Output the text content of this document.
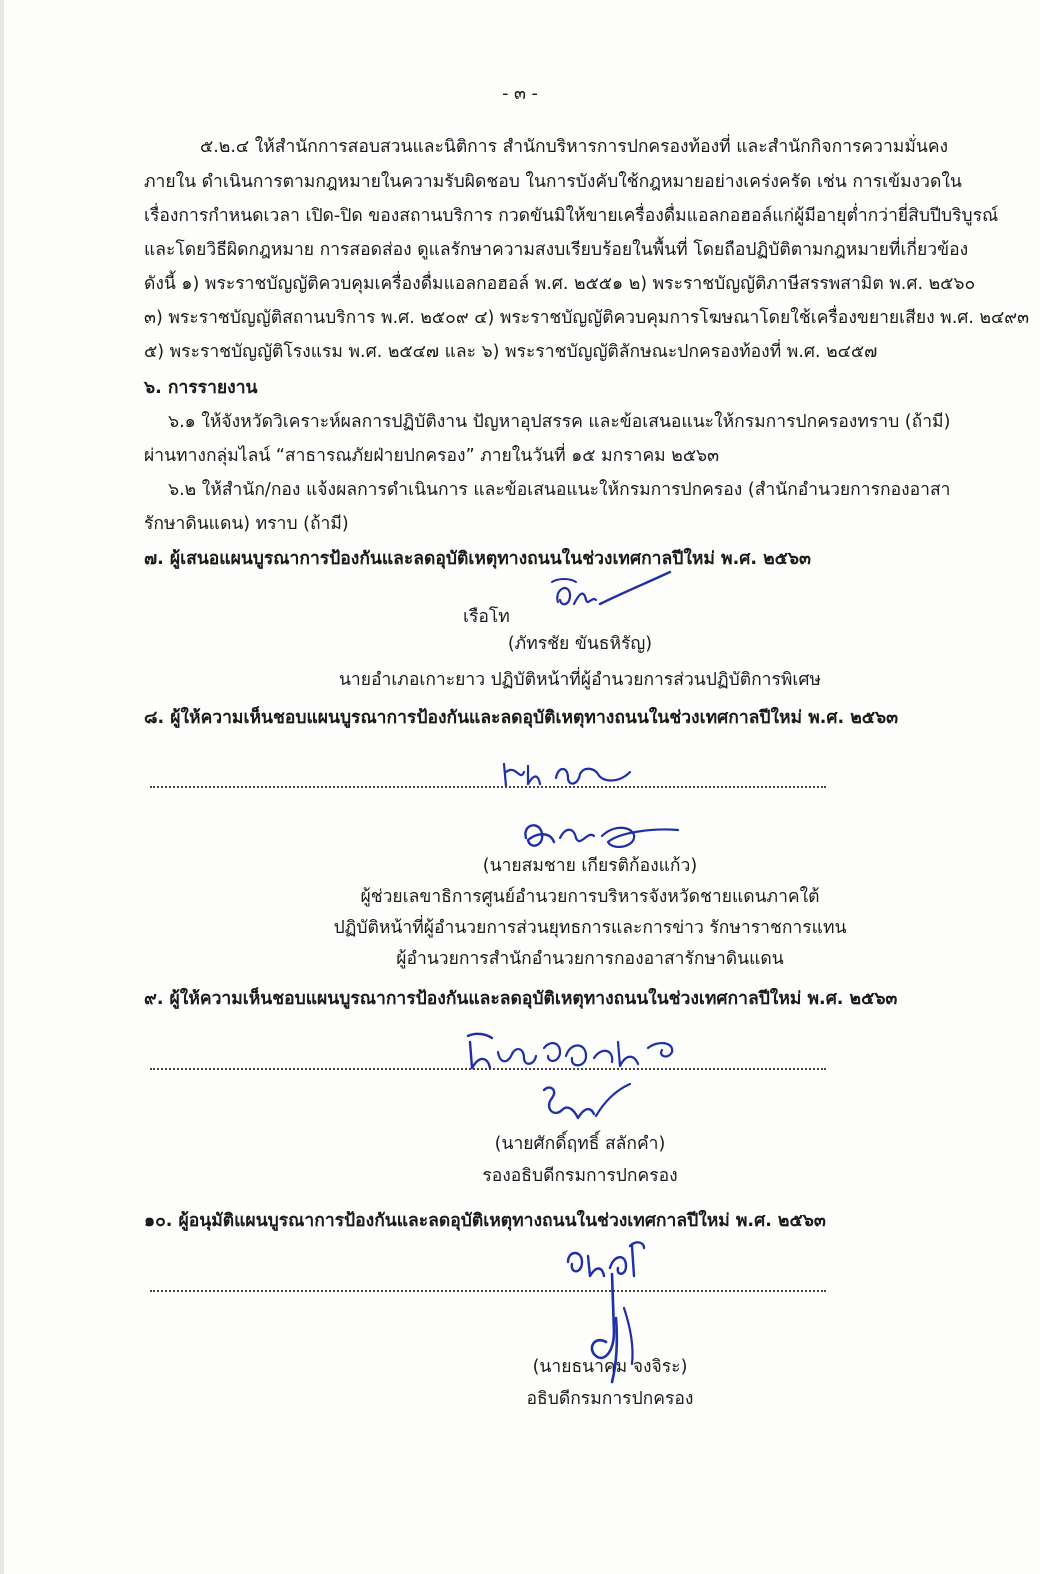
- ๓ -
๕.๒.๔ ให้สำนักการสอบสวนและนิติการ สำนักบริหารการปกครองท้องที่ และสำนักกิจการความมั่นคง
ภายใน ดำเนินการตามกฎหมายในความรับผิดชอบ ในการบังคับใช้กฎหมายอย่างเคร่งครัด เช่น การเข้มงวดใน
เรื่องการกำหนดเวลา เปิด-ปิด ของสถานบริการ กวดขันมิให้ขายเครื่องดื่มแอลกอฮอล์แก่ผู้มีอายุต่ำกว่ายี่สิบปีบริบูรณ์
และโดยวิธีผิดกฎหมาย การสอดส่อง ดูแลรักษาความสงบเรียบร้อยในพื้นที่ โดยถือปฏิบัติตามกฎหมายที่เกี่ยวข้อง
ดังนี้ ๑) พระราชบัญญัติควบคุมเครื่องดื่มแอลกอฮอล์ พ.ศ. ๒๕๕๑ ๒) พระราชบัญญัติภาษีสรรพสามิต พ.ศ. ๒๕๖๐
๓) พระราชบัญญัติสถานบริการ พ.ศ. ๒๕๐๙ ๔) พระราชบัญญัติควบคุมการโฆษณาโดยใช้เครื่องขยายเสียง พ.ศ. ๒๔๙๓
๕) พระราชบัญญัติโรงแรม พ.ศ. ๒๕๔๗ และ ๖) พระราชบัญญัติลักษณะปกครองท้องที่ พ.ศ. ๒๔๕๗
๖. การรายงาน
๖.๑ ให้จังหวัดวิเคราะห์ผลการปฏิบัติงาน ปัญหาอุปสรรค และข้อเสนอแนะให้กรมการปกครองทราบ (ถ้ามี)
ผ่านทางกลุ่มไลน์ “สาธารณภัยฝ่ายปกครอง” ภายในวันที่ ๑๕ มกราคม ๒๕๖๓
๖.๒ ให้สำนัก/กอง แจ้งผลการดำเนินการ และข้อเสนอแนะให้กรมการปกครอง (สำนักอำนวยการกองอาสา
รักษาดินแดน) ทราบ (ถ้ามี)
๗. ผู้เสนอแผนบูรณาการป้องกันและลดอุบัติเหตุทางถนนในช่วงเทศกาลปีใหม่ พ.ศ. ๒๕๖๓
เรือโท
(ภัทรชัย ขันธหิรัญ)
นายอำเภอเกาะยาว ปฏิบัติหน้าที่ผู้อำนวยการส่วนปฏิบัติการพิเศษ
๘. ผู้ให้ความเห็นชอบแผนบูรณาการป้องกันและลดอุบัติเหตุทางถนนในช่วงเทศกาลปีใหม่ พ.ศ. ๒๕๖๓
(นายสมชาย เกียรติก้องแก้ว)
ผู้ช่วยเลขาธิการศูนย์อำนวยการบริหารจังหวัดชายแดนภาคใต้
ปฏิบัติหน้าที่ผู้อำนวยการส่วนยุทธการและการข่าว รักษาราชการแทน
ผู้อำนวยการสำนักอำนวยการกองอาสารักษาดินแดน
๙. ผู้ให้ความเห็นชอบแผนบูรณาการป้องกันและลดอุบัติเหตุทางถนนในช่วงเทศกาลปีใหม่ พ.ศ. ๒๕๖๓
(นายศักดิ์ฤทธิ์ สลักคำ)
รองอธิบดีกรมการปกครอง
๑๐. ผู้อนุมัติแผนบูรณาการป้องกันและลดอุบัติเหตุทางถนนในช่วงเทศกาลปีใหม่ พ.ศ. ๒๕๖๓
(นายธนาคม จงจิระ)
อธิบดีกรมการปกครอง
